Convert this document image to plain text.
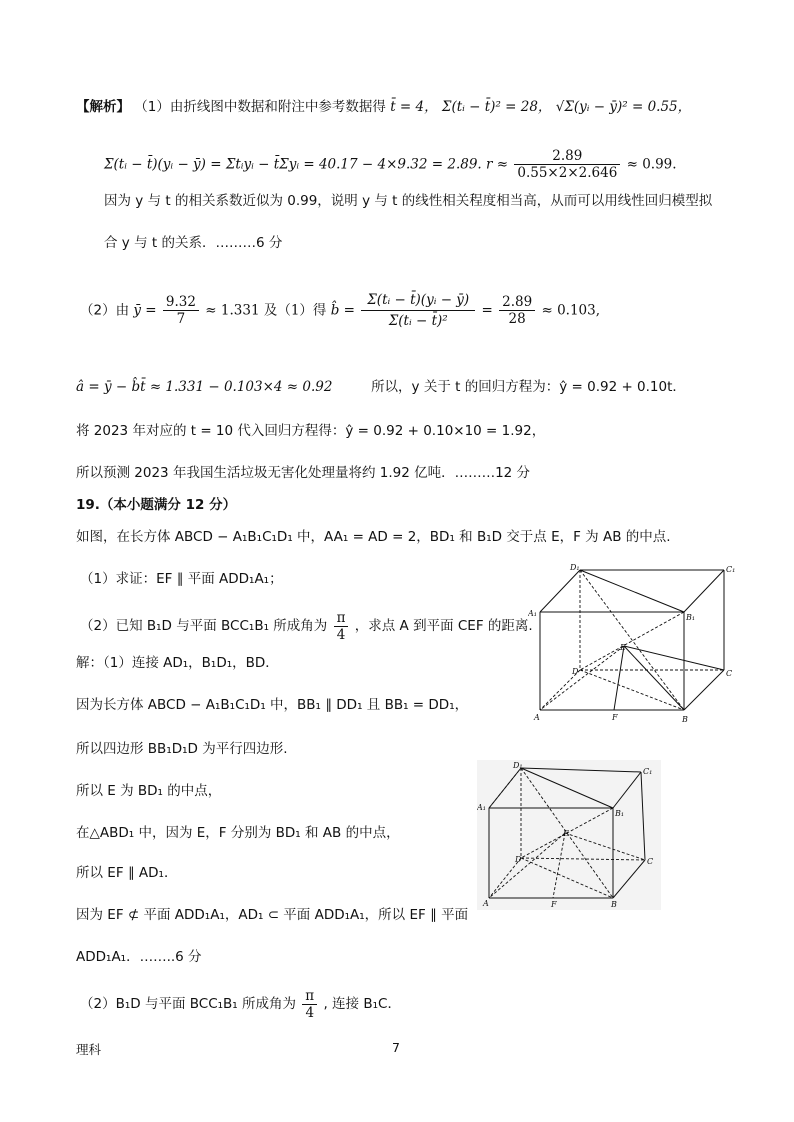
【解析】 （1）由折线图中数据和附注中参考数据得 t̄ = 4， Σ(tᵢ − t̄)² = 28， √Σ(yᵢ − ȳ)² = 0.55，
Σ(tᵢ − t̄)(yᵢ − ȳ) = Σtᵢyᵢ − t̄Σyᵢ = 40.17 − 4×9.32 = 2.89. $r \approx \frac{2.89}{0.55\times 2\times 2.646} \approx 0.99$.
因为 y 与 t 的相关系数近似为 0.99，说明 y 与 t 的线性相关程度相当高，从而可以用线性回归模型拟
合 y 与 t 的关系．………6 分
（2）由 ȳ = $\frac{9.32}{7} \approx 1.331$ 及（1）得 b̂ = $\frac{\text{Σ(tᵢ − t̄)(yᵢ − ȳ)}}{\text{Σ(tᵢ − t̄)²}} = \frac{2.89}{28} \approx 0.103$,
â = ȳ − b̂t̄ ≈ 1.331 − 0.103×4 ≈ 0.92	所以，y 关于 t 的回归方程为：ŷ = 0.92 + 0.10t．
将 2023 年对应的 t = 10 代入回归方程得：ŷ = 0.92 + 0.10×10 = 1.92，
所以预测 2023 年我国生活垃圾无害化处理量将约 1.92 亿吨．………12 分
19.（本小题满分 12 分）
如图，在长方体 ABCD − A₁B₁C₁D₁ 中，AA₁ = AD = 2，BD₁ 和 B₁D 交于点 E，F 为 AB 的中点.
（1）求证：EF ∥ 平面 ADD₁A₁；
（2）已知 B₁D 与平面 BCC₁B₁ 所成角为 $\frac{\pi}{4}$ ，求点 A 到平面 CEF 的距离.
解：（1）连接 AD₁，B₁D₁，BD．
因为长方体 ABCD − A₁B₁C₁D₁ 中，BB₁ ∥ DD₁ 且 BB₁ = DD₁，
所以四边形 BB₁D₁D 为平行四边形.
所以 E 为 BD₁ 的中点，
在△ABD₁ 中，因为 E，F 分别为 BD₁ 和 AB 的中点，
所以 EF ∥ AD₁．
因为 EF ⊄ 平面 ADD₁A₁，AD₁ ⊂ 平面 ADD₁A₁，所以 EF ∥ 平面
ADD₁A₁．……..6 分
（2）B₁D 与平面 BCC₁B₁ 所成角为 $\frac{\pi}{4}$ , 连接 B₁C．
D₁	C₁
A₁	B₁
E
D	C
A	F	B
D₁
C₁
A₁
B₁
E
D	C
A	F	B
理科	7
